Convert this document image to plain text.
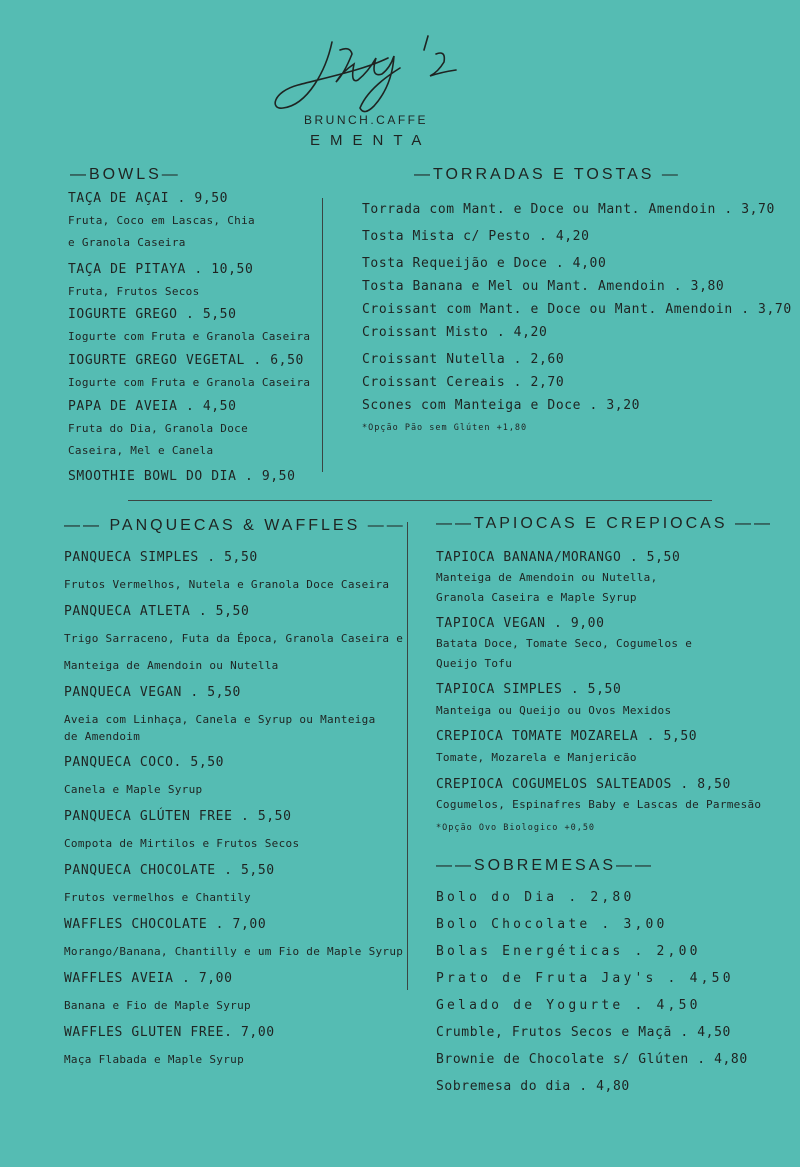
BRUNCH.CAFFE
EMENTA
—BOWLS—	—TORRADAS E TOSTAS —
—— PANQUECAS & WAFFLES —— ——TAPIOCAS E CREPIOCAS ——
——SOBREMESAS——
TAÇA DE AÇAI . 9,50
Fruta, Coco em Lascas, Chia
e Granola Caseira
TAÇA DE PITAYA . 10,50
Fruta, Frutos Secos
IOGURTE GREGO . 5,50
Iogurte com Fruta e Granola Caseira
IOGURTE GREGO VEGETAL . 6,50
Iogurte com Fruta e Granola Caseira
PAPA DE AVEIA . 4,50
Fruta do Dia, Granola Doce
Caseira, Mel e Canela
SMOOTHIE BOWL DO DIA . 9,50
Torrada com Mant. e Doce ou Mant. Amendoin . 3,70
Tosta Mista c/ Pesto . 4,20
Tosta Requeijão e Doce . 4,00
Tosta Banana e Mel ou Mant. Amendoin . 3,80
Croissant com Mant. e Doce ou Mant. Amendoin . 3,70
Croissant Misto . 4,20
Croissant Nutella . 2,60
Croissant Cereais . 2,70
Scones com Manteiga e Doce . 3,20
*Opção Pão sem Glúten +1,80
PANQUECA SIMPLES . 5,50
Frutos Vermelhos, Nutela e Granola Doce Caseira
PANQUECA ATLETA . 5,50
Trigo Sarraceno, Futa da Época, Granola Caseira e
Manteiga de Amendoin ou Nutella
PANQUECA VEGAN . 5,50
Aveia com Linhaça, Canela e Syrup ou Manteiga
de Amendoim
PANQUECA COCO. 5,50
Canela e Maple Syrup
PANQUECA GLÚTEN FREE . 5,50
Compota de Mirtilos e Frutos Secos
PANQUECA CHOCOLATE . 5,50
Frutos vermelhos e Chantily
WAFFLES CHOCOLATE . 7,00
Morango/Banana, Chantilly e um Fio de Maple Syrup
WAFFLES AVEIA . 7,00
Banana e Fio de Maple Syrup
WAFFLES GLUTEN FREE. 7,00
Maça Flabada e Maple Syrup
TAPIOCA BANANA/MORANGO . 5,50
Manteiga de Amendoin ou Nutella,
Granola Caseira e Maple Syrup
TAPIOCA VEGAN . 9,00
Batata Doce, Tomate Seco, Cogumelos e
Queijo Tofu
TAPIOCA SIMPLES . 5,50
Manteiga ou Queijo ou Ovos Mexidos
CREPIOCA TOMATE MOZARELA . 5,50
Tomate, Mozarela e Manjericão
CREPIOCA COGUMELOS SALTEADOS . 8,50
Cogumelos, Espinafres Baby e Lascas de Parmesão
*Opção Ovo Biologico +0,50
Bolo do Dia . 2,80
Bolo Chocolate . 3,00
Bolas Energéticas . 2,00
Prato de Fruta Jay's . 4,50
Gelado de Yogurte . 4,50
Crumble, Frutos Secos e Maçã . 4,50
Brownie de Chocolate s/ Glúten . 4,80
Sobremesa do dia . 4,80
